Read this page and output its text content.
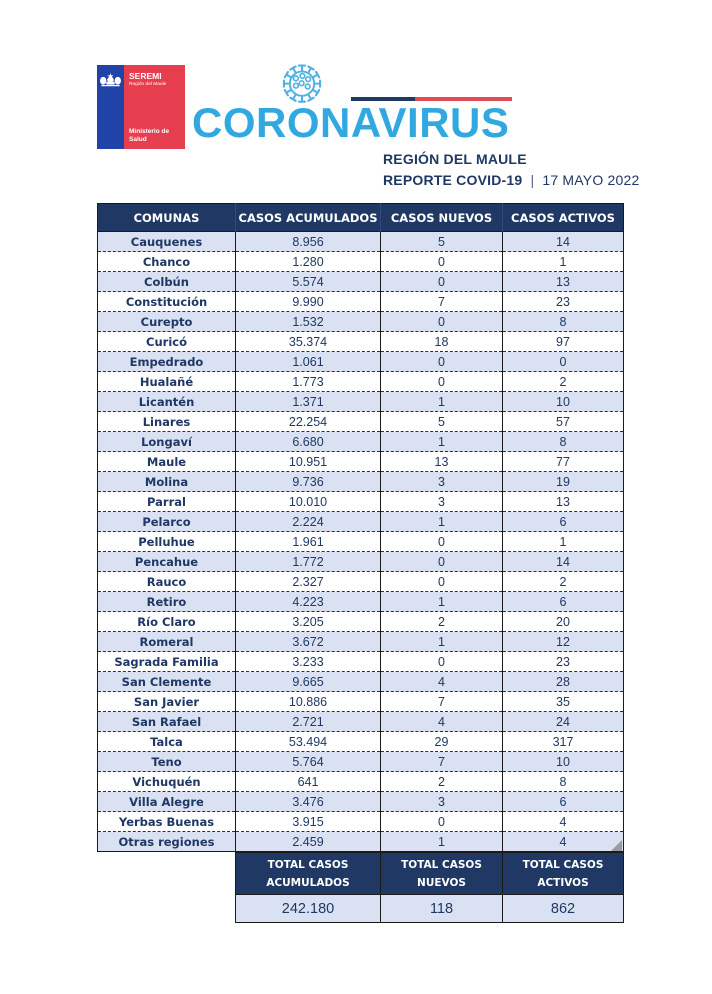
SEREMI
Región del Maule
Ministerio de
Salud	CORONAVIRUS
REGIÓN DEL MAULE
REPORTE COVID-19 | 17 MAYO 2022
COMUNAS	CASOS ACUMULADOS	CASOS NUEVOS	CASOS ACTIVOS
Cauquenes	8.956	5	14
Chanco	1.280	0	1
Colbún	5.574	0	13
Constitución	9.990	7	23
Curepto	1.532	0	8
Curicó	35.374	18	97
Empedrado	1.061	0	0
Hualañé	1.773	0	2
Licantén	1.371	1	10
Linares	22.254	5	57
Longaví	6.680	1	8
Maule	10.951	13	77
Molina	9.736	3	19
Parral	10.010	3	13
Pelarco	2.224	1	6
Pelluhue	1.961	0	1
Pencahue	1.772	0	14
Rauco	2.327	0	2
Retiro	4.223	1	6
Río Claro	3.205	2	20
Romeral	3.672	1	12
Sagrada Familia	3.233	0	23
San Clemente	9.665	4	28
San Javier	10.886	7	35
San Rafael	2.721	4	24
Talca	53.494	29	317
Teno	5.764	7	10
Vichuquén	641	2	8
Villa Alegre	3.476	3	6
Yerbas Buenas	3.915	0	4
Otras regiones	2.459	1	4
TOTAL CASOS
ACUMULADOS

TOTAL CASOS
NUEVOS

TOTAL CASOS
ACTIVOS

242.180	118	862
